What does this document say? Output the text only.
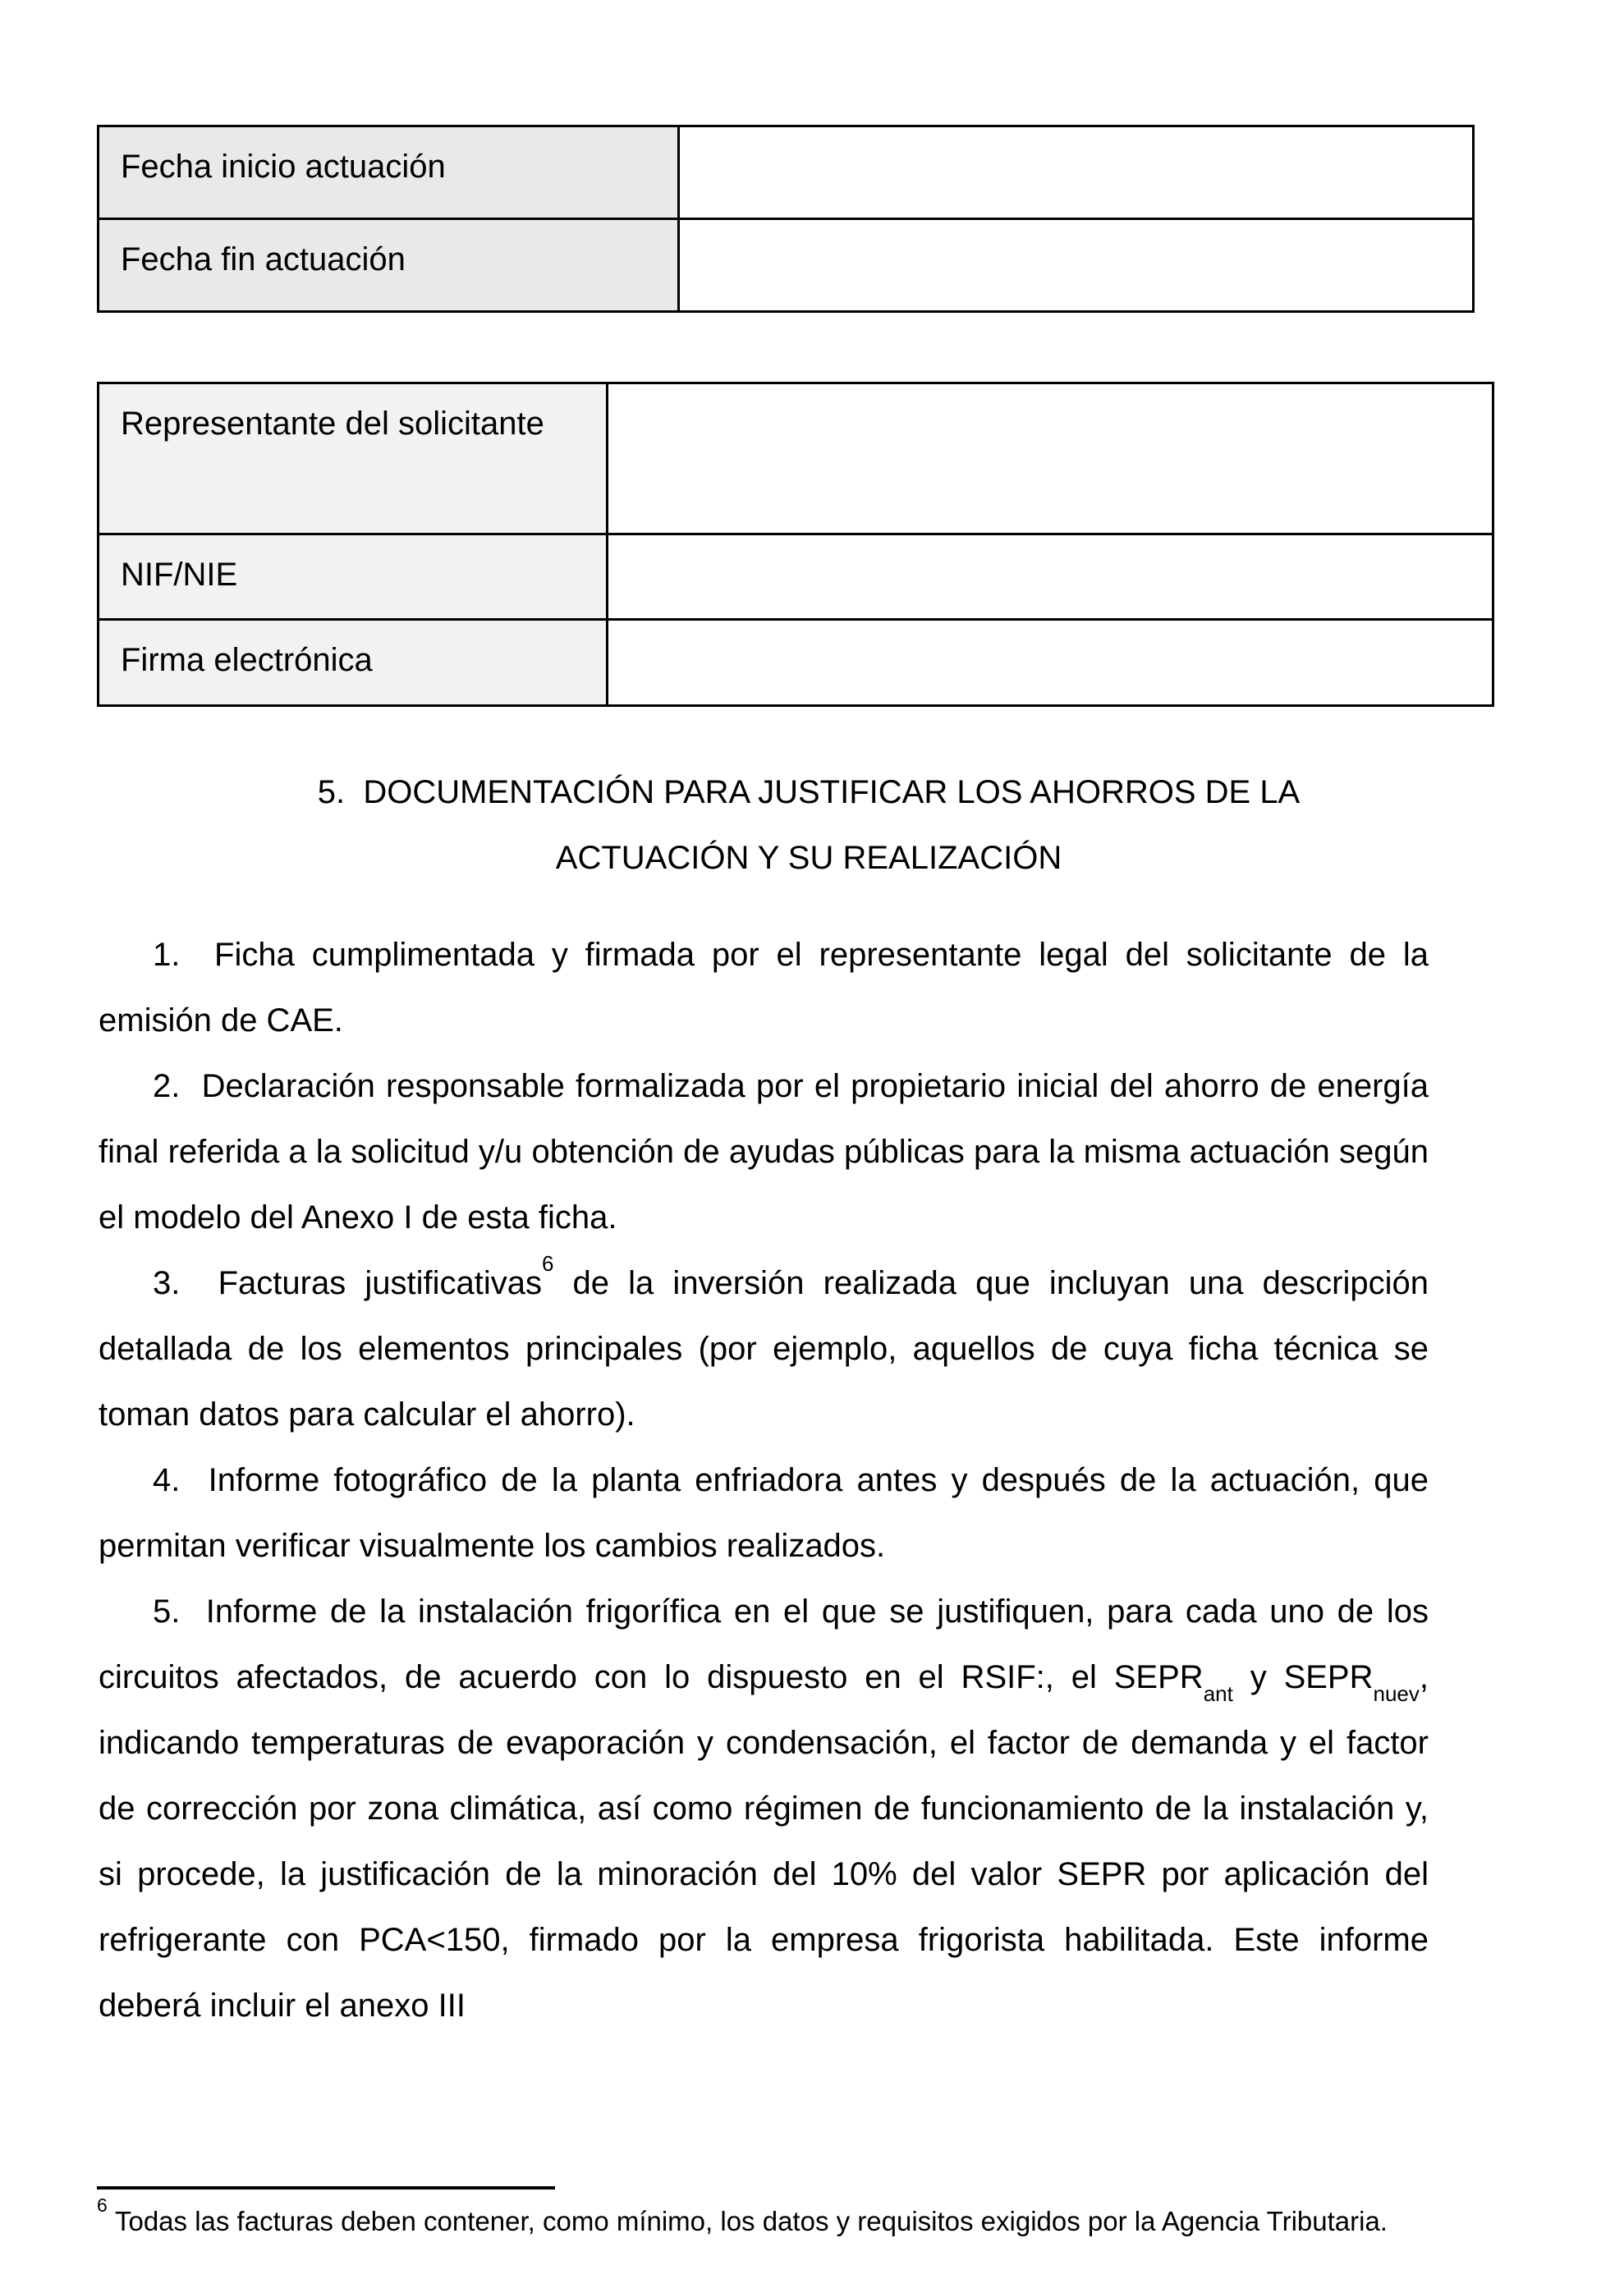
Fecha inicio actuación	
Fecha fin actuación	
Representante del solicitante	
NIF/NIE	
Firma electrónica	
5.  DOCUMENTACIÓN PARA JUSTIFICAR LOS AHORROS DE LA
ACTUACIÓN Y SU REALIZACIÓN

1.  Ficha cumplimentada y firmada por el representante legal del solicitante de la emisión de CAE.

2.  Declaración responsable formalizada por el propietario inicial del ahorro de energía final referida a la solicitud y/u obtención de ayudas públicas para la misma actuación según el modelo del Anexo I de esta ficha.

3.  Facturas justificativas$^6$ de la inversión realizada que incluyan una descripción detallada de los elementos principales (por ejemplo, aquellos de cuya ficha técnica se toman datos para calcular el ahorro).

4.  Informe fotográfico de la planta enfriadora antes y después de la actuación, que permitan verificar visualmente los cambios realizados.

5.  Informe de la instalación frigorífica en el que se justifiquen, para cada uno de los circuitos afectados, de acuerdo con lo dispuesto en el RSIF:, el $SEPR_{ant}$ y $SEPR_{nuev}$, indicando temperaturas de evaporación y condensación, el factor de demanda y el factor de corrección por zona climática, así como régimen de funcionamiento de la instalación y, si procede, la justificación de la minoración del 10% del valor SEPR por aplicación del refrigerante con PCA<150, firmado por la empresa frigorista habilitada. Este informe deberá incluir el anexo III

$^6$ Todas las facturas deben contener, como mínimo, los datos y requisitos exigidos por la Agencia Tributaria.
